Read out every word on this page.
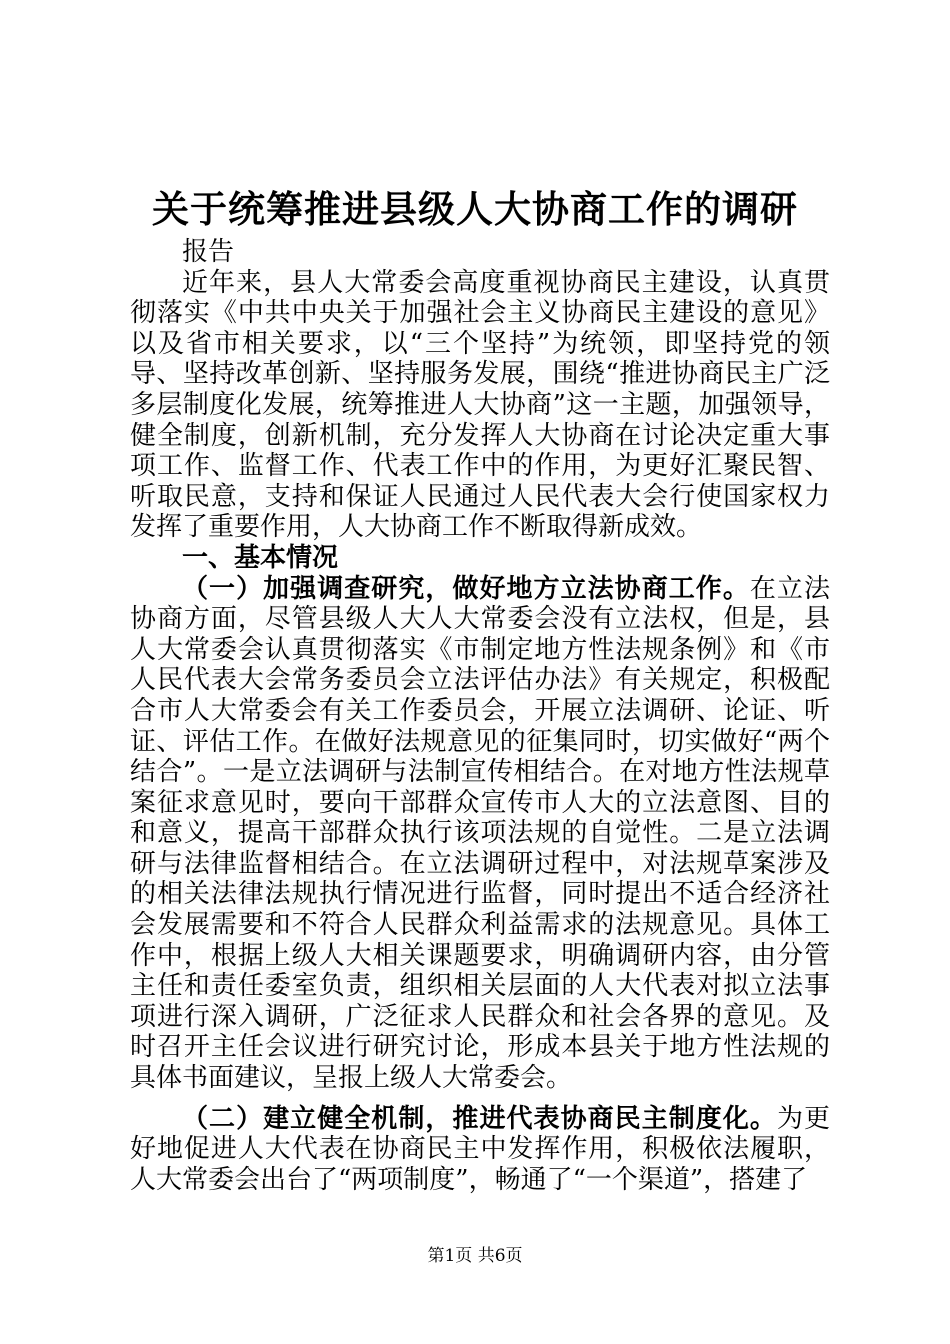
关于统筹推进县级人大协商工作的调研

报告

近年来，县人大常委会高度重视协商民主建设，认真贯彻落实《中共中央关于加强社会主义协商民主建设的意见》以及省市相关要求，以“三个坚持”为统领，即坚持党的领导、坚持改革创新、坚持服务发展，围绕“推进协商民主广泛多层制度化发展，统筹推进人大协商”这一主题，加强领导，健全制度，创新机制，充分发挥人大协商在讨论决定重大事项工作、监督工作、代表工作中的作用，为更好汇聚民智、听取民意，支持和保证人民通过人民代表大会行使国家权力发挥了重要作用，人大协商工作不断取得新成效。

一、基本情况

（一）加强调查研究，做好地方立法协商工作。在立法协商方面，尽管县级人大人大常委会没有立法权，但是，县人大常委会认真贯彻落实《市制定地方性法规条例》和《市人民代表大会常务委员会立法评估办法》有关规定，积极配合市人大常委会有关工作委员会，开展立法调研、论证、听证、评估工作。在做好法规意见的征集同时，切实做好“两个结合”。一是立法调研与法制宣传相结合。在对地方性法规草案征求意见时，要向干部群众宣传市人大的立法意图、目的和意义，提高干部群众执行该项法规的自觉性。二是立法调研与法律监督相结合。在立法调研过程中，对法规草案涉及的相关法律法规执行情况进行监督，同时提出不适合经济社会发展需要和不符合人民群众利益需求的法规意见。具体工作中，根据上级人大相关课题要求，明确调研内容，由分管主任和责任委室负责，组织相关层面的人大代表对拟立法事项进行深入调研，广泛征求人民群众和社会各界的意见。及时召开主任会议进行研究讨论，形成本县关于地方性法规的具体书面建议，呈报上级人大常委会。

（二）建立健全机制，推进代表协商民主制度化。为更好地促进人大代表在协商民主中发挥作用，积极依法履职，人大常委会出台了“两项制度”，畅通了“一个渠道”，搭建了

第1页 共6页
